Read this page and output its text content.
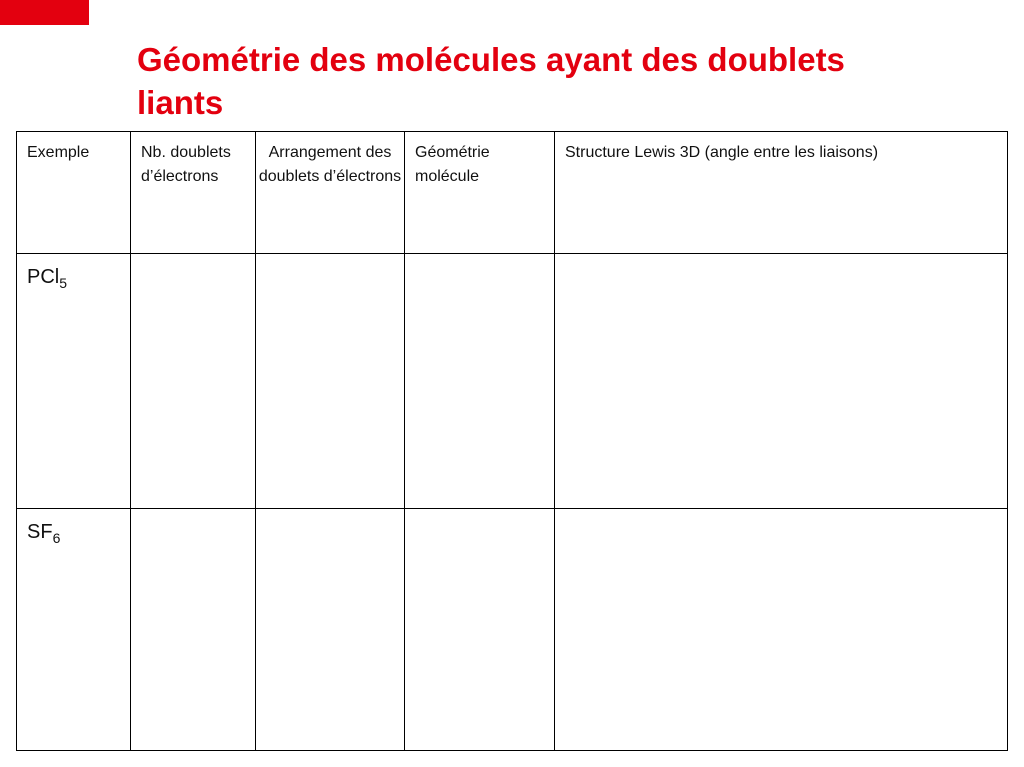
Géométrie des molécules ayant des doublets liants
Exemple	Nb. doublets d’électrons	Arrangement des doublets d’électrons	Géométrie molécule	Structure Lewis 3D (angle entre les liaisons)

PCl$_5$				
$SF_6$				
